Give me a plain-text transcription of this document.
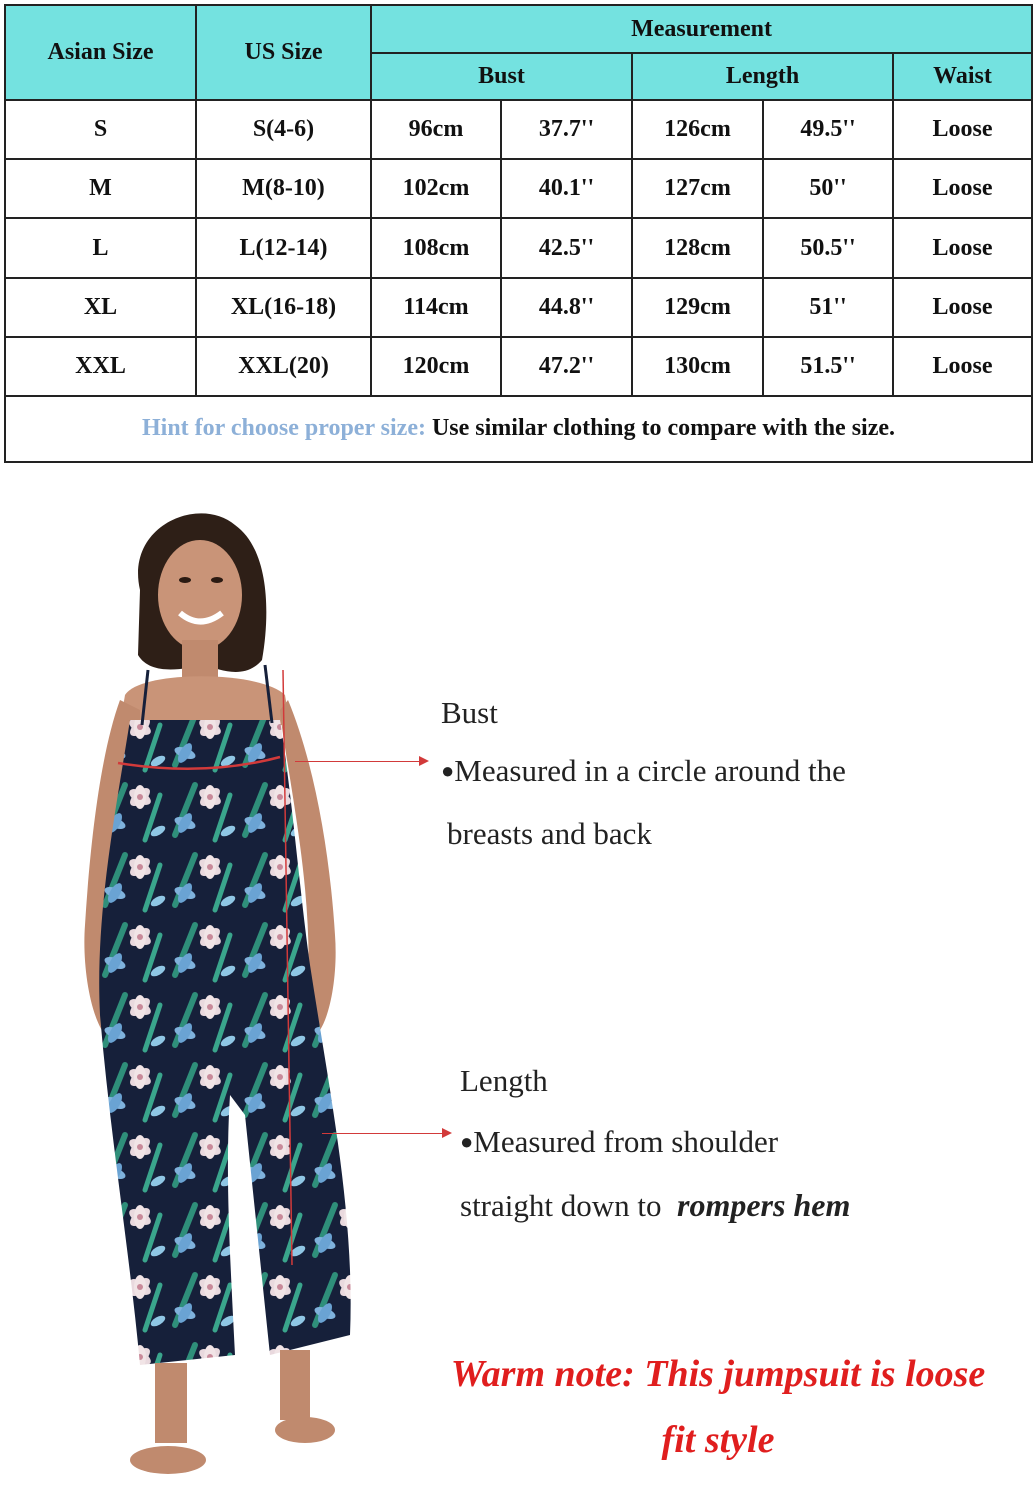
Asian Size	US Size	Measurement				
		Bust		Length		Waist
S	S(4-6)	96cm	37.7''	126cm	49.5''	Loose
M	M(8-10)	102cm	40.1''	127cm	50''	Loose
L	L(12-14)	108cm	42.5''	128cm	50.5''	Loose
XL	XL(16-18)	114cm	44.8''	129cm	51''	Loose
XXL	XXL(20)	120cm	47.2''	130cm	51.5''	Loose
Hint for choose proper size: Use similar clothing to compare with the size.						
Bust
●Measured in a circle around the
breasts and back
Length
●Measured from shoulder
straight down to rompers hem
Warm note: This jumpsuit is loose
fit style
